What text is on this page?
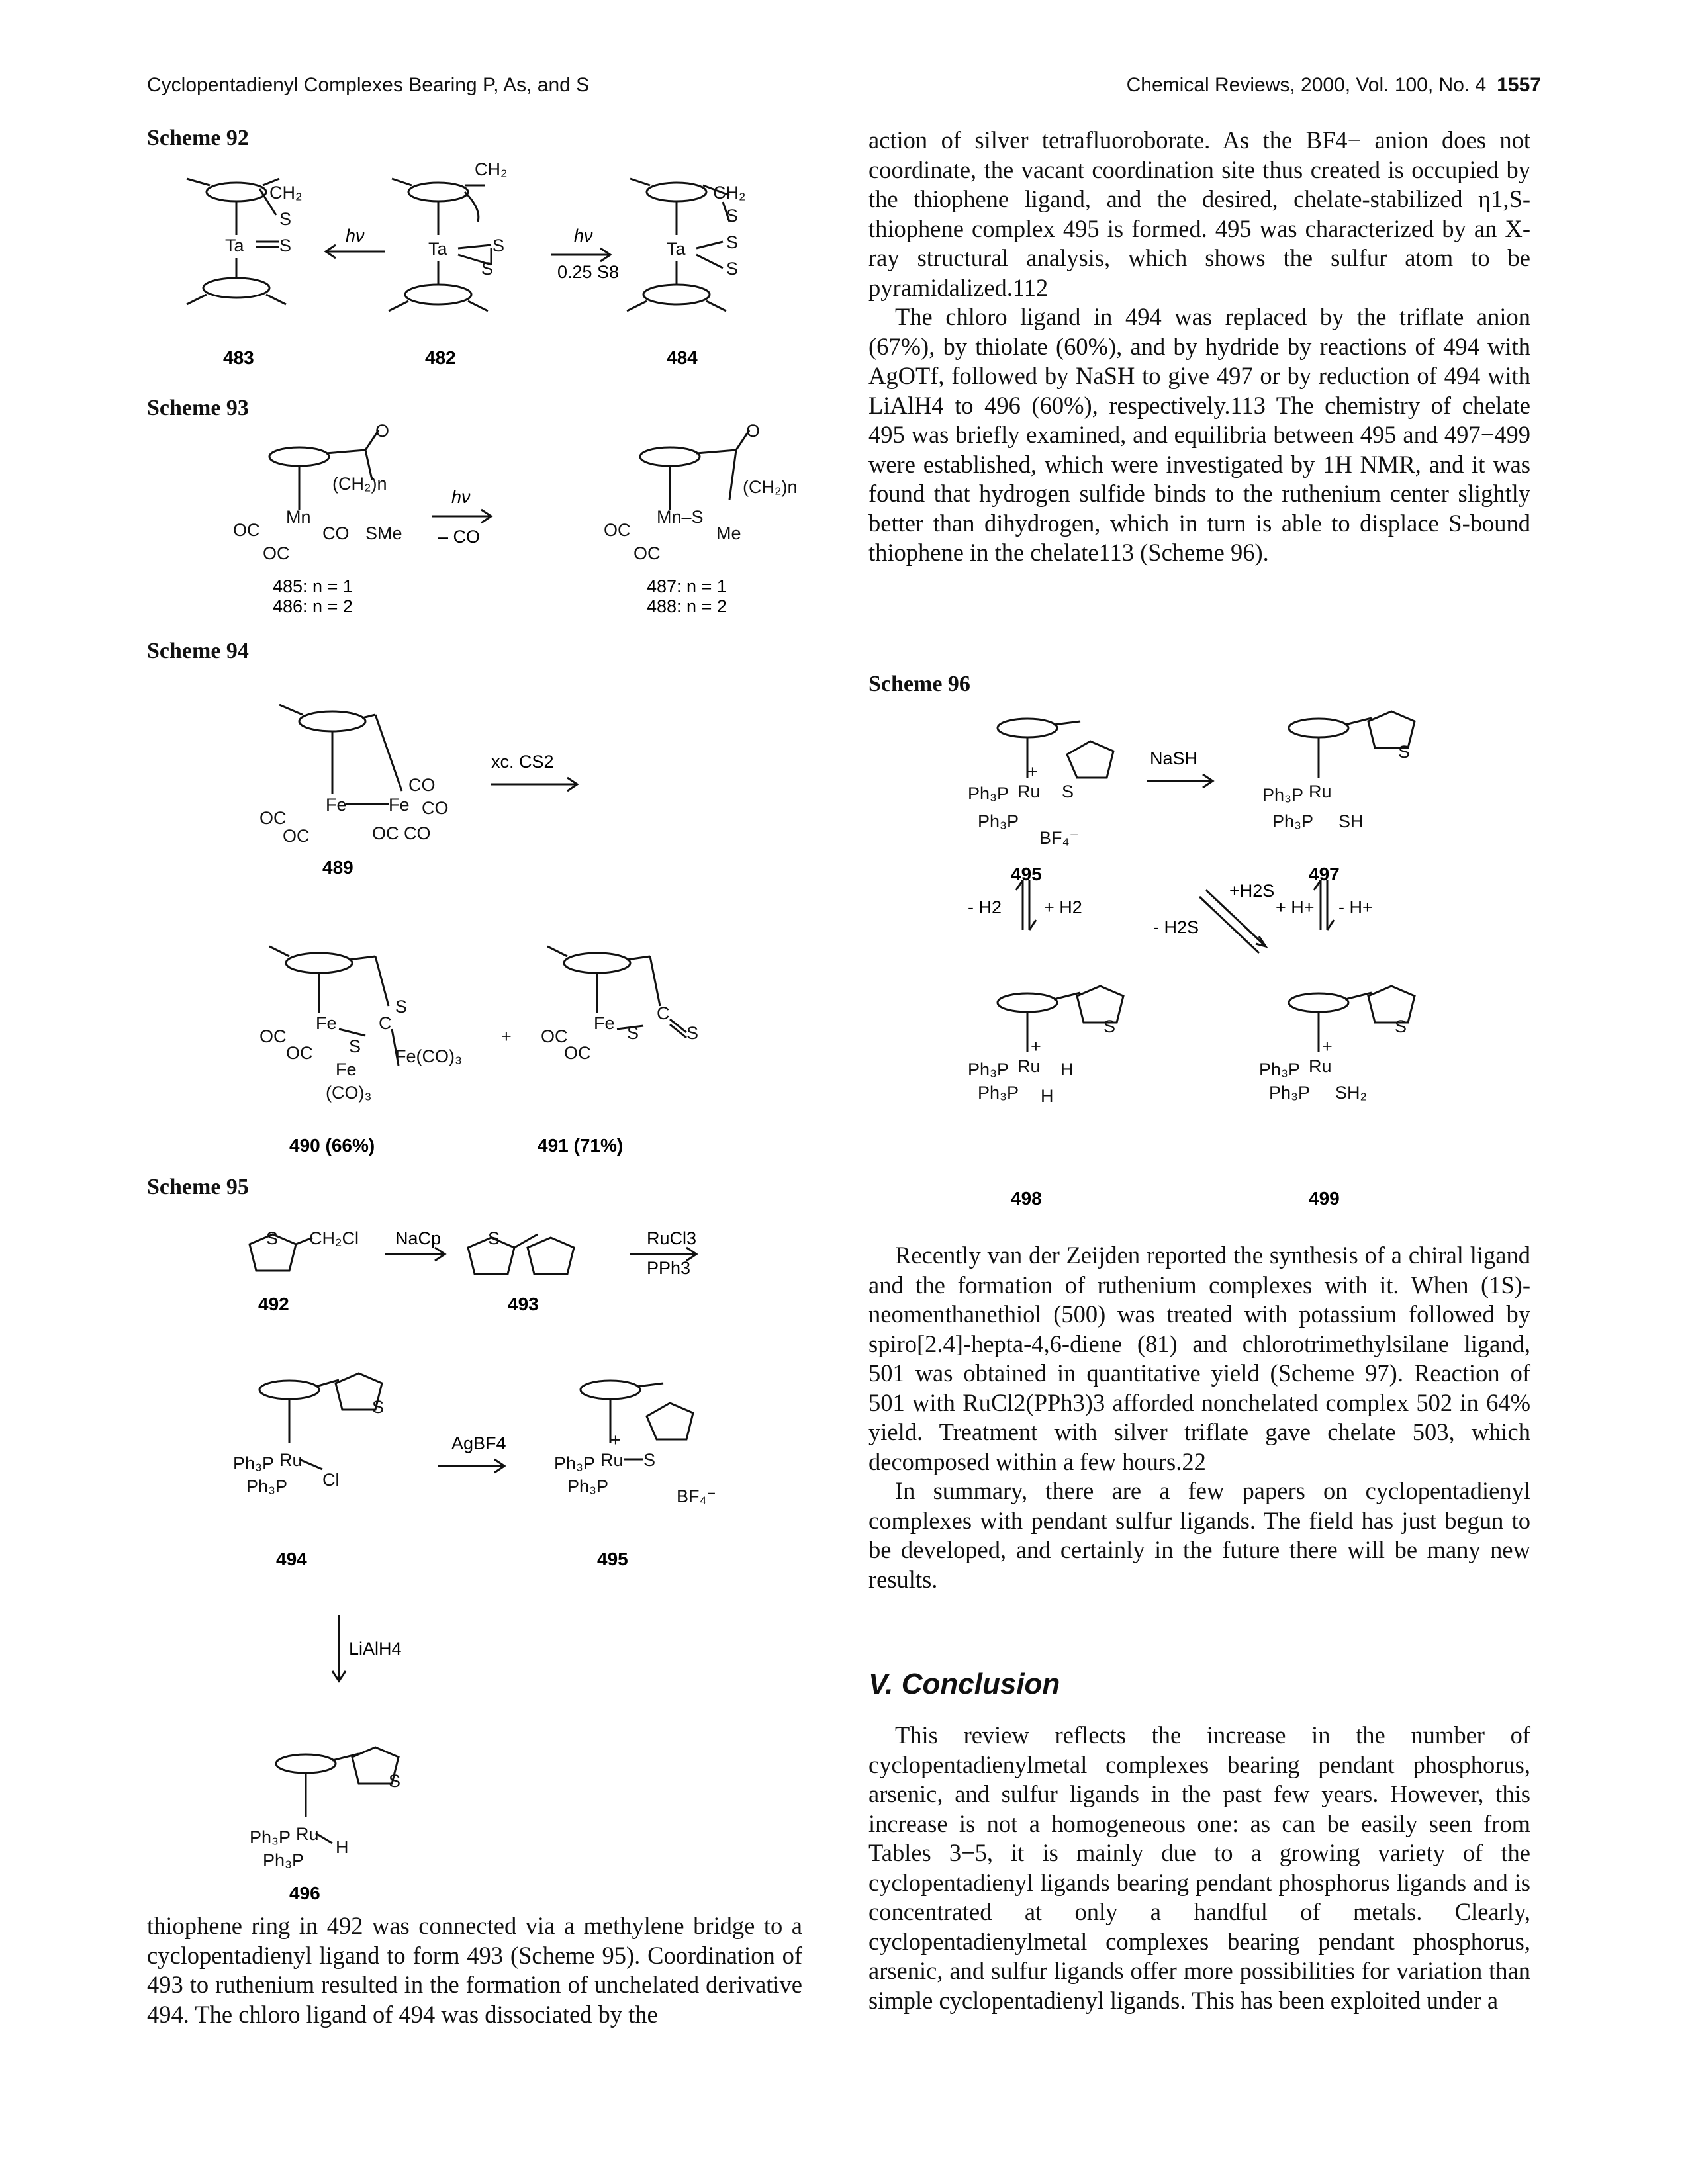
Cyclopentadienyl Complexes Bearing P, As, and S	Chemical Reviews, 2000, Vol. 100, No. 4 1557
Scheme 92
Ta S
S
CH₂
Ta	S
S
CH₂
Ta
S
S
S
CH₂
hν	hν
0.25 S8
483	482	484
Scheme 93
O
(CH₂)n
Mn
OC	CO SMe
OC
O
(CH₂)n
Mn–S
OC	Me
OC
hν
– CO
485: n = 1
486: n = 2
487: n = 1
488: n = 2
Scheme 94
Fe Fe
CO
CO
OC
OC	OC CO
Fe
S
C
S
Fe(CO)₃
Fe
(CO)₃
OC
OC
+
Fe S
C
S
OC
OC
xc. CS2
489
490 (66%)	491 (71%)
Scheme 95
S CH₂Cl	S
S
Ru
Ph₃P
Ph₃P Cl
Ru
Ph₃P
Ph₃P
S
+
BF₄⁻
S
Ru
Ph₃P
Ph₃P
H
NaCp	RuCl3
PPh3
AgBF4
LiAlH4
492	493
494	495
496

thiophene ring in 492 was connected via a methylene bridge to a cyclopentadienyl ligand to form 493 (Scheme 95). Coordination of 493 to ruthenium resulted in the formation of unchelated derivative 494. The chloro ligand of 494 was dissociated by the

action of silver tetrafluoroborate. As the BF4− anion does not coordinate, the vacant coordination site thus created is occupied by the thiophene ligand, and the desired, chelate-stabilized η1,S-thiophene complex 495 is formed. 495 was characterized by an X-ray structural analysis, which shows the sulfur atom to be pyramidalized.112

The chloro ligand in 494 was replaced by the triflate anion (67%), by thiolate (60%), and by hydride by reactions of 494 with AgOTf, followed by NaSH to give 497 or by reduction of 494 with LiAlH4 to 496 (60%), respectively.113 The chemistry of chelate 495 was briefly examined, and equilibria between 495 and 497−499 were established, which were investigated by 1H NMR, and it was found that hydrogen sulfide binds to the ruthenium center slightly better than dihydrogen, which in turn is able to displace S-bound thiophene in the chelate113 (Scheme 96).

Scheme 96
Ru
Ph₃P
Ph₃P
S
+
BF₄⁻
S
Ru
Ph₃P
Ph₃P SH
S
Ru
Ph₃P
Ph₃P
H
H
+
S
Ru
Ph₃P
Ph₃P SH₂
+
NaSH
- H2 + H2
+H2S
- H2S
+ H+ - H+
495	497
498	499

Recently van der Zeijden reported the synthesis of a chiral ligand and the formation of ruthenium complexes with it. When (1S)-neomenthanethiol (500) was treated with potassium followed by spiro[2.4]-hepta-4,6-diene (81) and chlorotrimethylsilane ligand, 501 was obtained in quantitative yield (Scheme 97). Reaction of 501 with RuCl2(PPh3)3 afforded nonchelated complex 502 in 64% yield. Treatment with silver triflate gave chelate 503, which decomposed within a few hours.22

In summary, there are a few papers on cyclopentadienyl complexes with pendant sulfur ligands. The field has just begun to be developed, and certainly in the future there will be many new results.

V. Conclusion

This review reflects the increase in the number of cyclopentadienylmetal complexes bearing pendant phosphorus, arsenic, and sulfur ligands in the past few years. However, this increase is not a homogeneous one: as can be easily seen from Tables 3−5, it is mainly due to a growing variety of the cyclopentadienyl ligands bearing pendant phosphorus ligands and is concentrated at only a handful of metals. Clearly, cyclopentadienylmetal complexes bearing pendant phosphorus, arsenic, and sulfur ligands offer more possibilities for variation than simple cyclopentadienyl ligands. This has been exploited under a
